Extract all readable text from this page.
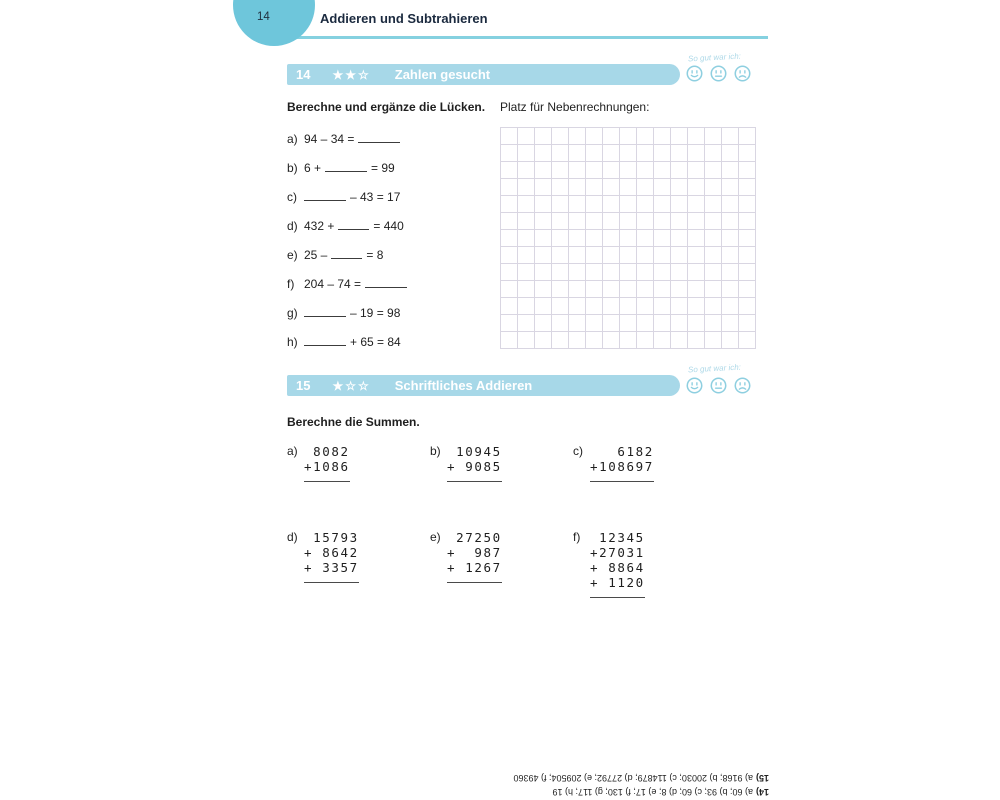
14	Addieren und Subtrahieren
14 ★★☆ Zahlen gesucht
So gut war ich:
Berechne und ergänze die Lücken. Platz für Nebenrechnungen:
a) 94 – 34 =
b) 6 +	= 99
c)	– 43 = 17
d) 432 +	= 440
e) 25 –	= 8
f) 204 – 74 =
g)	– 19 = 98
h)	+ 65 = 84
15 ★☆☆ Schriftliches Addieren
So gut war ich:
Berechne die Summen.
a) 8082
+1086
b) 10945
+ 9085
c) 6182
+108697
d) 15793
+ 8642
+ 3357
e) 27250
+  987
+ 1267
f) 12345
+27031
+ 8864
+ 1120
14)a) 60; b) 93; c) 60; d) 8; e) 17; f) 130; g) 117; h) 19
15)a) 9168; b) 20030; c) 114879; d) 27792; e) 209504; f) 49360
